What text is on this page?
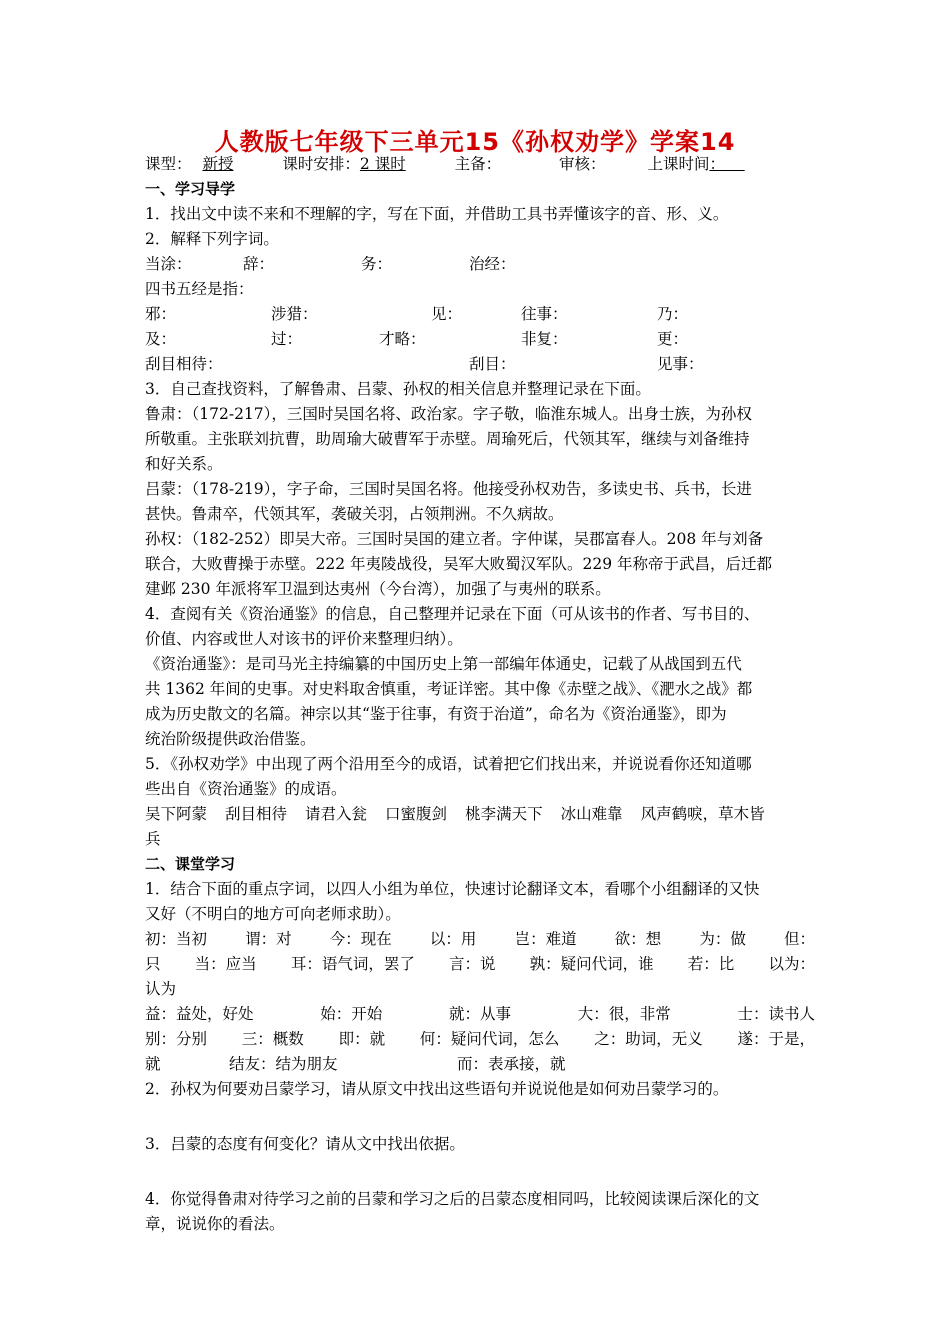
人教版七年级下三单元15《孙权劝学》学案14
课型： 新授	课时安排：2 课时	主备：	审核：	上课时间：
一、学习导学
1．找出文中读不来和不理解的字，写在下面，并借助工具书弄懂该字的音、形、义。
2．解释下列字词。
当涂：	辞：	务：	治经：
四书五经是指：
邪：	涉猎：	见：	往事：	乃：
及：	过：	才略：	非复：	更：
刮目相待：	刮目：	见事：
3．自己查找资料，了解鲁肃、吕蒙、孙权的相关信息并整理记录在下面。
鲁肃：（172-217），三国时吴国名将、政治家。字子敬，临淮东城人。出身士族，为孙权
所敬重。主张联刘抗曹，助周瑜大破曹军于赤壁。周瑜死后，代领其军，继续与刘备维持
和好关系。
吕蒙：（178-219），字子命，三国时吴国名将。他接受孙权劝告，多读史书、兵书，长进
甚快。鲁肃卒，代领其军，袭破关羽，占领荆洲。不久病故。
孙权：（182-252）即吴大帝。三国时吴国的建立者。字仲谋，吴郡富春人。208 年与刘备
联合，大败曹操于赤壁。222 年夷陵战役，吴军大败蜀汉军队。229 年称帝于武昌，后迁都
建邺 230 年派将军卫温到达夷州（今台湾），加强了与夷州的联系。
4．查阅有关《资治通鉴》的信息，自己整理并记录在下面（可从该书的作者、写书目的、
价值、内容或世人对该书的评价来整理归纳）。
《资治通鉴》：是司马光主持编纂的中国历史上第一部编年体通史，记载了从战国到五代
共 1362 年间的史事。对史料取舍慎重，考证详密。其中像《赤壁之战》、《淝水之战》都
成为历史散文的名篇。神宗以其“鉴于往事，有资于治道”，命名为《资治通鉴》，即为
统治阶级提供政治借鉴。
5．《孙权劝学》中出现了两个沿用至今的成语，试着把它们找出来，并说说看你还知道哪
些出自《资治通鉴》的成语。
吴下阿蒙 刮目相待 请君入瓮 口蜜腹剑 桃李满天下 冰山难靠 风声鹤唳，草木皆
兵
二、课堂学习
1．结合下面的重点字词，以四人小组为单位，快速讨论翻译文本，看哪个小组翻译的又快
又好（不明白的地方可向老师求助）。
初：当初 谓：对 今：现在 以：用 岂：难道 欲：想 为：做 但：
只 当：应当 耳：语气词，罢了 言：说 孰：疑问代词，谁 若：比 以为：
认为
益：益处，好处	始：开始	就：从事	大：很，非常	士：读书人
别：分别 三：概数 即：就 何：疑问代词，怎么 之：助词，无义 遂：于是，
就	结友：结为朋友	而：表承接，就
2．孙权为何要劝吕蒙学习，请从原文中找出这些语句并说说他是如何劝吕蒙学习的。
3．吕蒙的态度有何变化？请从文中找出依据。
4．你觉得鲁肃对待学习之前的吕蒙和学习之后的吕蒙态度相同吗，比较阅读课后深化的文
章，说说你的看法。
